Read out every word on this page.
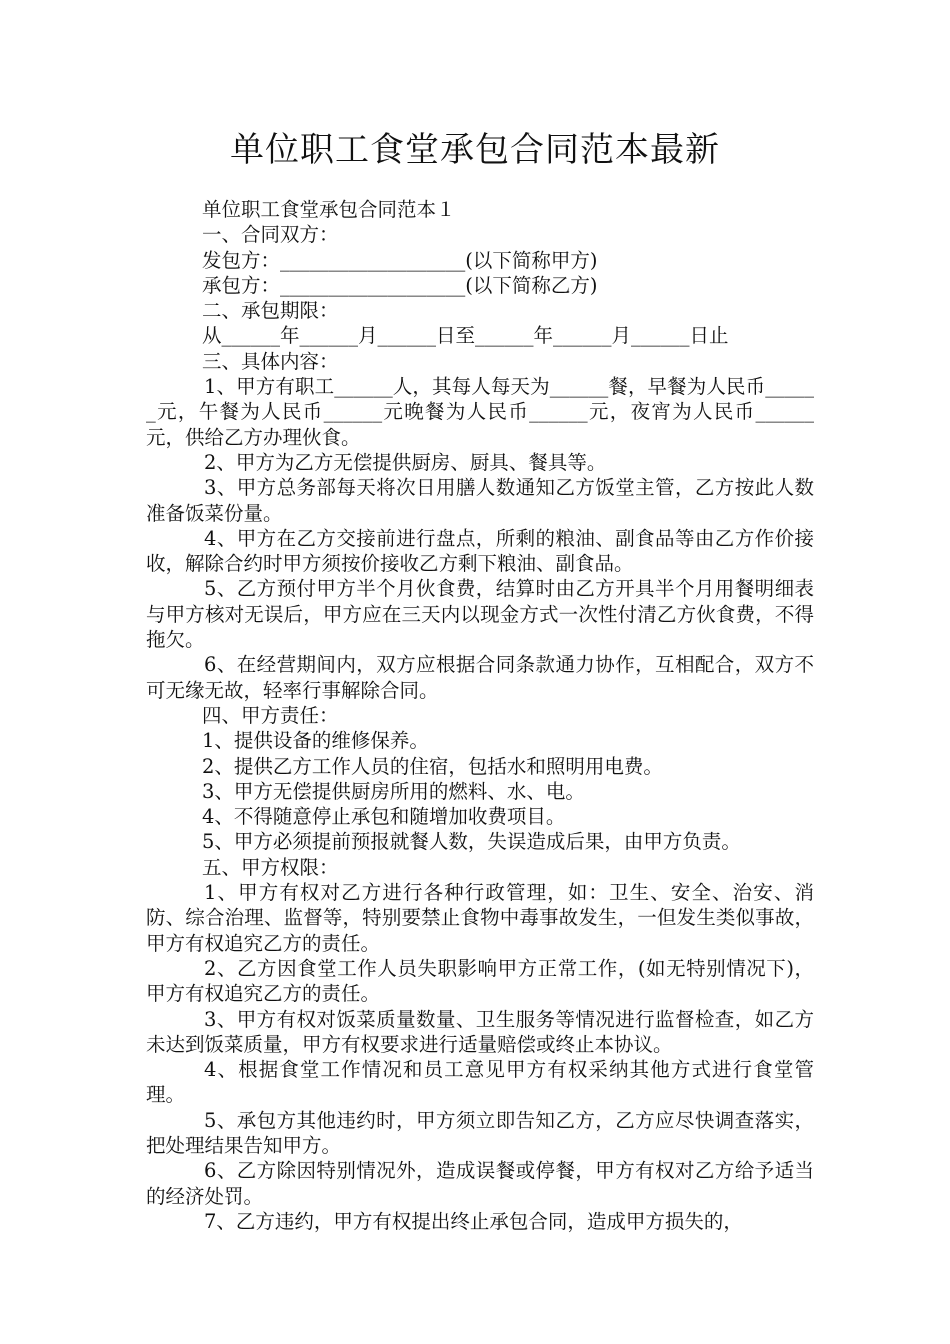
单位职工食堂承包合同范本最新

单位职工食堂承包合同范本１

一、合同双方：

发包方：___________________(以下简称甲方)

承包方：___________________(以下简称乙方)

二、承包期限：

从______年______月______日至______年______月______日止

三、具体内容：

1、甲方有职工______人，其每人每天为______餐，早餐为人民币______元，午餐为人民币______元晚餐为人民币______元，夜宵为人民币______元，供给乙方办理伙食。

2、甲方为乙方无偿提供厨房、厨具、餐具等。

3、甲方总务部每天将次日用膳人数通知乙方饭堂主管，乙方按此人数准备饭菜份量。

4、甲方在乙方交接前进行盘点，所剩的粮油、副食品等由乙方作价接收，解除合约时甲方须按价接收乙方剩下粮油、副食品。

5、乙方预付甲方半个月伙食费，结算时由乙方开具半个月用餐明细表与甲方核对无误后，甲方应在三天内以现金方式一次性付清乙方伙食费，不得拖欠。

6、在经营期间内，双方应根据合同条款通力协作，互相配合，双方不可无缘无故，轻率行事解除合同。

四、甲方责任：

1、提供设备的维修保养。

2、提供乙方工作人员的住宿，包括水和照明用电费。

3、甲方无偿提供厨房所用的燃料、水、电。

4、不得随意停止承包和随增加收费项目。

5、甲方必须提前预报就餐人数，失误造成后果，由甲方负责。

五、甲方权限：

1、甲方有权对乙方进行各种行政管理，如：卫生、安全、治安、消防、综合治理、监督等，特别要禁止食物中毒事故发生，一但发生类似事故，甲方有权追究乙方的责任。

2、乙方因食堂工作人员失职影响甲方正常工作，(如无特别情况下)，甲方有权追究乙方的责任。

3、甲方有权对饭菜质量数量、卫生服务等情况进行监督检查，如乙方未达到饭菜质量，甲方有权要求进行适量赔偿或终止本协议。

4、根据食堂工作情况和员工意见甲方有权采纳其他方式进行食堂管理。

5、承包方其他违约时，甲方须立即告知乙方，乙方应尽快调查落实，把处理结果告知甲方。

6、乙方除因特别情况外，造成误餐或停餐，甲方有权对乙方给予适当的经济处罚。

7、乙方违约，甲方有权提出终止承包合同，造成甲方损失的，
